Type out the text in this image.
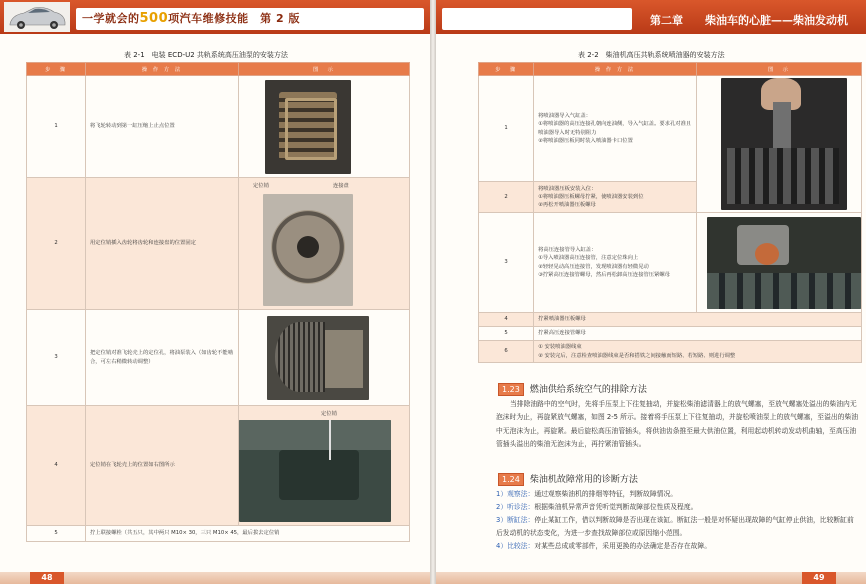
一学就会的500项汽车维修技能　第 2 版
表 2-1　电装 ECD-U2 共轨系统高压油泵的安装方法
步　骤	操 作 方 法	图　示
1	将飞轮转动到第一缸压缩上止点位置	

2	用定位销插入齿轮将齿轮和连接盘的位置固定	定位销 连接盘

3	把定位销对准飞轮壳上的定位孔，将油泵装入（如齿轮不能啮合，可左右稍微转动调整）	

4	定位销在飞轮壳上的位置如右图所示	定位销

5	拧上联接螺栓（共五只，其中两只 M10× 30，三只 M10× 45，最后拔去定位销	
48
第二章　　柴油车的心脏——柴油发动机
表 2-2　柴油机高压共轨系统喷油器的安装方法
步　骤	操 作 方 法	图　示
1	将喷油器导入气缸盖：
①将喷油器的高压连接孔朝向连油侧，导入气缸盖。要求孔对准且喷油器导入时无特别阻力
②将喷油器压板同时装入喷油器卡口位置	

2	将喷油器压板安装入位：
①将喷油器压板螺母拧紧，使喷油器安装到位
②再松开喷油器压板螺母	

3	将高压连接管导入缸盖：
①导入喷油器高压连接管，注意定位珠向上
②轻轻晃动高压连接管，发现喷油器有轻微晃动
③拧紧高压连接管螺母，然后再松卸高压连接管压紧螺母	

4	拧紧喷油器压板螺母	
5	拧紧高压连接管螺母	
6	① 安装喷油器线束
② 安装完后，注意检查喷油器线束是否和搭铁之间接触而短路、若短路、则进行调整	
1.23 燃油供给系统空气的排除方法
当排除油路中的空气时，先将手压泵上下往复抽动，并旋松柴油滤清器上的放气螺塞，至放气螺塞处溢出的柴油内无泡沫时为止，再旋紧放气螺塞，如图 2-5 所示。接着将手压泵上下往复抽动，并旋松喷油泵上的放气螺塞，至溢出的柴油中无泡沫为止，再旋紧。最后旋松高压油管插头，将供油齿条推至最大供油位置，利用起动机转动发动机曲轴，至高压油管插头溢出的柴油无泡沫为止，再拧紧油管插头。
1.24 柴油机故障常用的诊断方法
1）观察法：通过观察柴油机的排烟等特征，判断故障情况。
2）听诊法：根据柴油机异常声音凭听觉判断故障部位性质及程度。
3）断缸法：停止某缸工作，借以判断故障是否出现在该缸。断缸法一般是对怀疑出现故障的气缸停止供油，比较断缸前后发动机的状态变化，为进一步查找故障部位或原因缩小范围。
4）比较法：对某些总成或零部件，采用更换的办法确定是否存在故障。
49
